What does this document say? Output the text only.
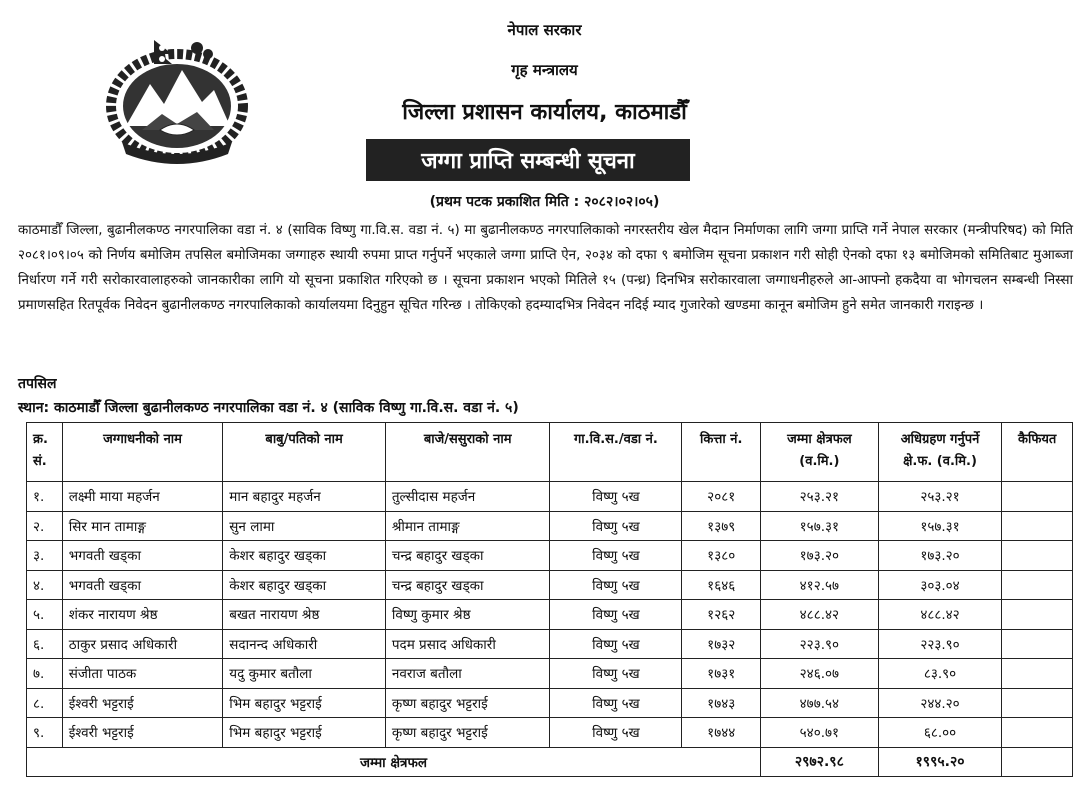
नेपाल सरकार
गृह मन्त्रालय
जिल्ला प्रशासन कार्यालय, काठमाडौँ
जग्गा प्राप्ति सम्बन्धी सूचना
(प्रथम पटक प्रकाशित मिति : २०८२।०२।०५)
काठमाडौँ जिल्ला, बुढानीलकण्ठ नगरपालिका वडा नं. ४ (साविक विष्णु गा.वि.स. वडा नं. ५) मा बुढानीलकण्ठ नगरपालिकाको नगरस्तरीय खेल मैदान निर्माणका लागि जग्गा प्राप्ति गर्ने नेपाल सरकार (मन्त्रीपरिषद) को मिति २०८१।०९।०५ को निर्णय बमोजिम तपसिल बमोजिमका जग्गाहरु स्थायी रुपमा प्राप्त गर्नुपर्ने भएकाले जग्गा प्राप्ति ऐन, २०३४ को दफा ९ बमोजिम सूचना प्रकाशन गरी सोही ऐनको दफा १३ बमोजिमको समितिबाट मुआब्जा निर्धारण गर्ने गरी सरोकारवालाहरुको जानकारीका लागि यो सूचना प्रकाशित गरिएको छ । सूचना प्रकाशन भएको मितिले १५ (पन्ध्र) दिनभित्र सरोकारवाला जग्गाधनीहरुले आ-आफ्नो हकदैया वा भोगचलन सम्बन्धी निस्सा प्रमाणसहित रितपूर्वक निवेदन बुढानीलकण्ठ नगरपालिकाको कार्यालयमा दिनुहुन सूचित गरिन्छ । तोकिएको हदम्यादभित्र निवेदन नदिई म्याद गुजारेको खण्डमा कानून बमोजिम हुने समेत जानकारी गराइन्छ ।
तपसिल
स्थान: काठमाडौँ जिल्ला बुढानीलकण्ठ नगरपालिका वडा नं. ४ (साविक विष्णु गा.वि.स. वडा नं. ५)
क्र. सं.	जग्गाधनीको नाम	बाबु/पतिको नाम	बाजे/ससुराको नाम	गा.वि.स./वडा नं.	कित्ता नं.	जम्मा क्षेत्रफल (व.मि.)	अधिग्रहण गर्नुपर्ने क्षे.फ. (व.मि.)	कैफियत
१.	लक्ष्मी माया महर्जन	मान बहादुर महर्जन	तुल्सीदास महर्जन	विष्णु ५ख	२०८१	२५३.२१	२५३.२१	
२.	सिर मान तामाङ्ग	सुन लामा	श्रीमान तामाङ्ग	विष्णु ५ख	१३७९	१५७.३१	१५७.३१	
३.	भगवती खड्का	केशर बहादुर खड्का	चन्द्र बहादुर खड्का	विष्णु ५ख	१३८०	१७३.२०	१७३.२०	
४.	भगवती खड्का	केशर बहादुर खड्का	चन्द्र बहादुर खड्का	विष्णु ५ख	१६४६	४१२.५७	३०३.०४	
५.	शंकर नारायण श्रेष्ठ	बखत नारायण श्रेष्ठ	विष्णु कुमार श्रेष्ठ	विष्णु ५ख	१२६२	४८८.४२	४८८.४२	
६.	ठाकुर प्रसाद अधिकारी	सदानन्द अधिकारी	पदम प्रसाद अधिकारी	विष्णु ५ख	१७३२	२२३.९०	२२३.९०	
७.	संजीता पाठक	यदु कुमार बतौला	नवराज बतौला	विष्णु ५ख	१७३१	२४६.०७	८३.९०	
८.	ईश्वरी भट्टराई	भिम बहादुर भट्टराई	कृष्ण बहादुर भट्टराई	विष्णु ५ख	१७४३	४७७.५४	२४४.२०	
९.	ईश्वरी भट्टराई	भिम बहादुर भट्टराई	कृष्ण बहादुर भट्टराई	विष्णु ५ख	१७४४	५४०.७१	६८.००	
जम्मा क्षेत्रफल						२९७२.९८	१९९५.२०	
